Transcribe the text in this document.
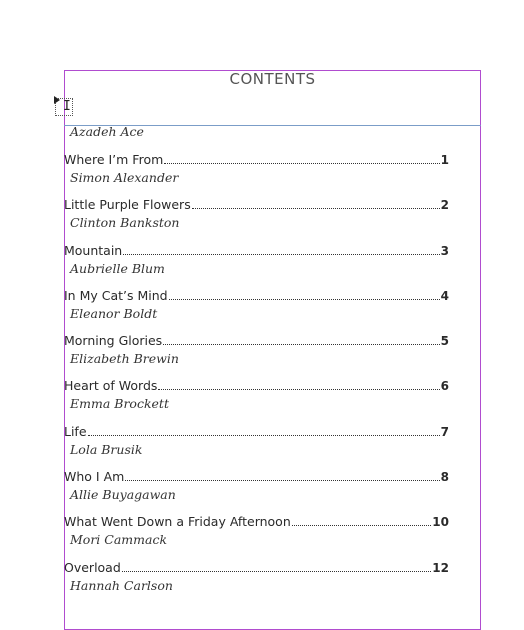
CONTENTS
I
Azadeh Ace
Where I’m From	1
Simon Alexander
Little Purple Flowers	2
Clinton Bankston
Mountain	3
Aubrielle Blum
In My Cat’s Mind	4
Eleanor Boldt
Morning Glories	5
Elizabeth Brewin
Heart of Words	6
Emma Brockett
Life	7
Lola Brusik
Who I Am	8
Allie Buyagawan
What Went Down a Friday Afternoon	10
Mori Cammack
Overload	12
Hannah Carlson
